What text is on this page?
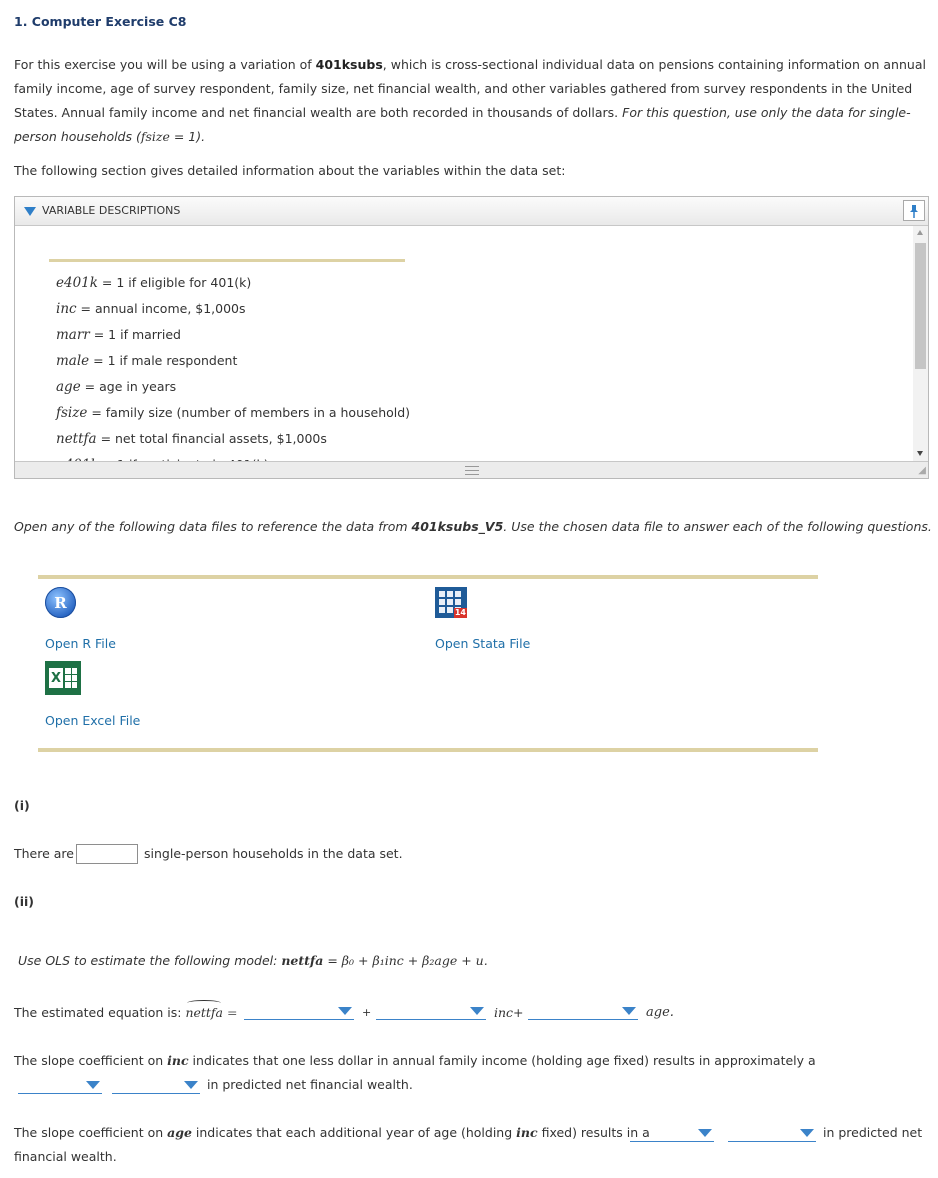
1. Computer Exercise C8
For this exercise you will be using a variation of 401ksubs, which is cross-sectional individual data on pensions containing information on annual family income, age of survey respondent, family size, net financial wealth, and other variables gathered from survey respondents in the United States. Annual family income and net financial wealth are both recorded in thousands of dollars. For this question, use only the data for single-person households (fsize = 1).
The following section gives detailed information about the variables within the data set:
VARIABLE DESCRIPTIONS
e401k = 1 if eligible for 401(k)
inc = annual income, $1,000s
marr = 1 if married
male = 1 if male respondent
age = age in years
fsize = family size (number of members in a household)
nettfa = net total financial assets, $1,000s
◢
Open any of the following data files to reference the data from 401ksubs_V5. Use the chosen data file to answer each of the following questions.
R
Open R File
14
Open Stata File
X
Open Excel File
(i)
There are	single-person households in the data set.
(ii)
Use OLS to estimate the following model: nettfa = β₀ + β₁inc + β₂age + u.
The estimated equation is: nettfa =	+	inc+	age.
The slope coefficient on inc indicates that one less dollar in annual family income (holding age fixed) results in approximately a
in predicted net financial wealth.
The slope coefficient on age indicates that each additional year of age (holding inc fixed) results in a	in predicted net
financial wealth.
